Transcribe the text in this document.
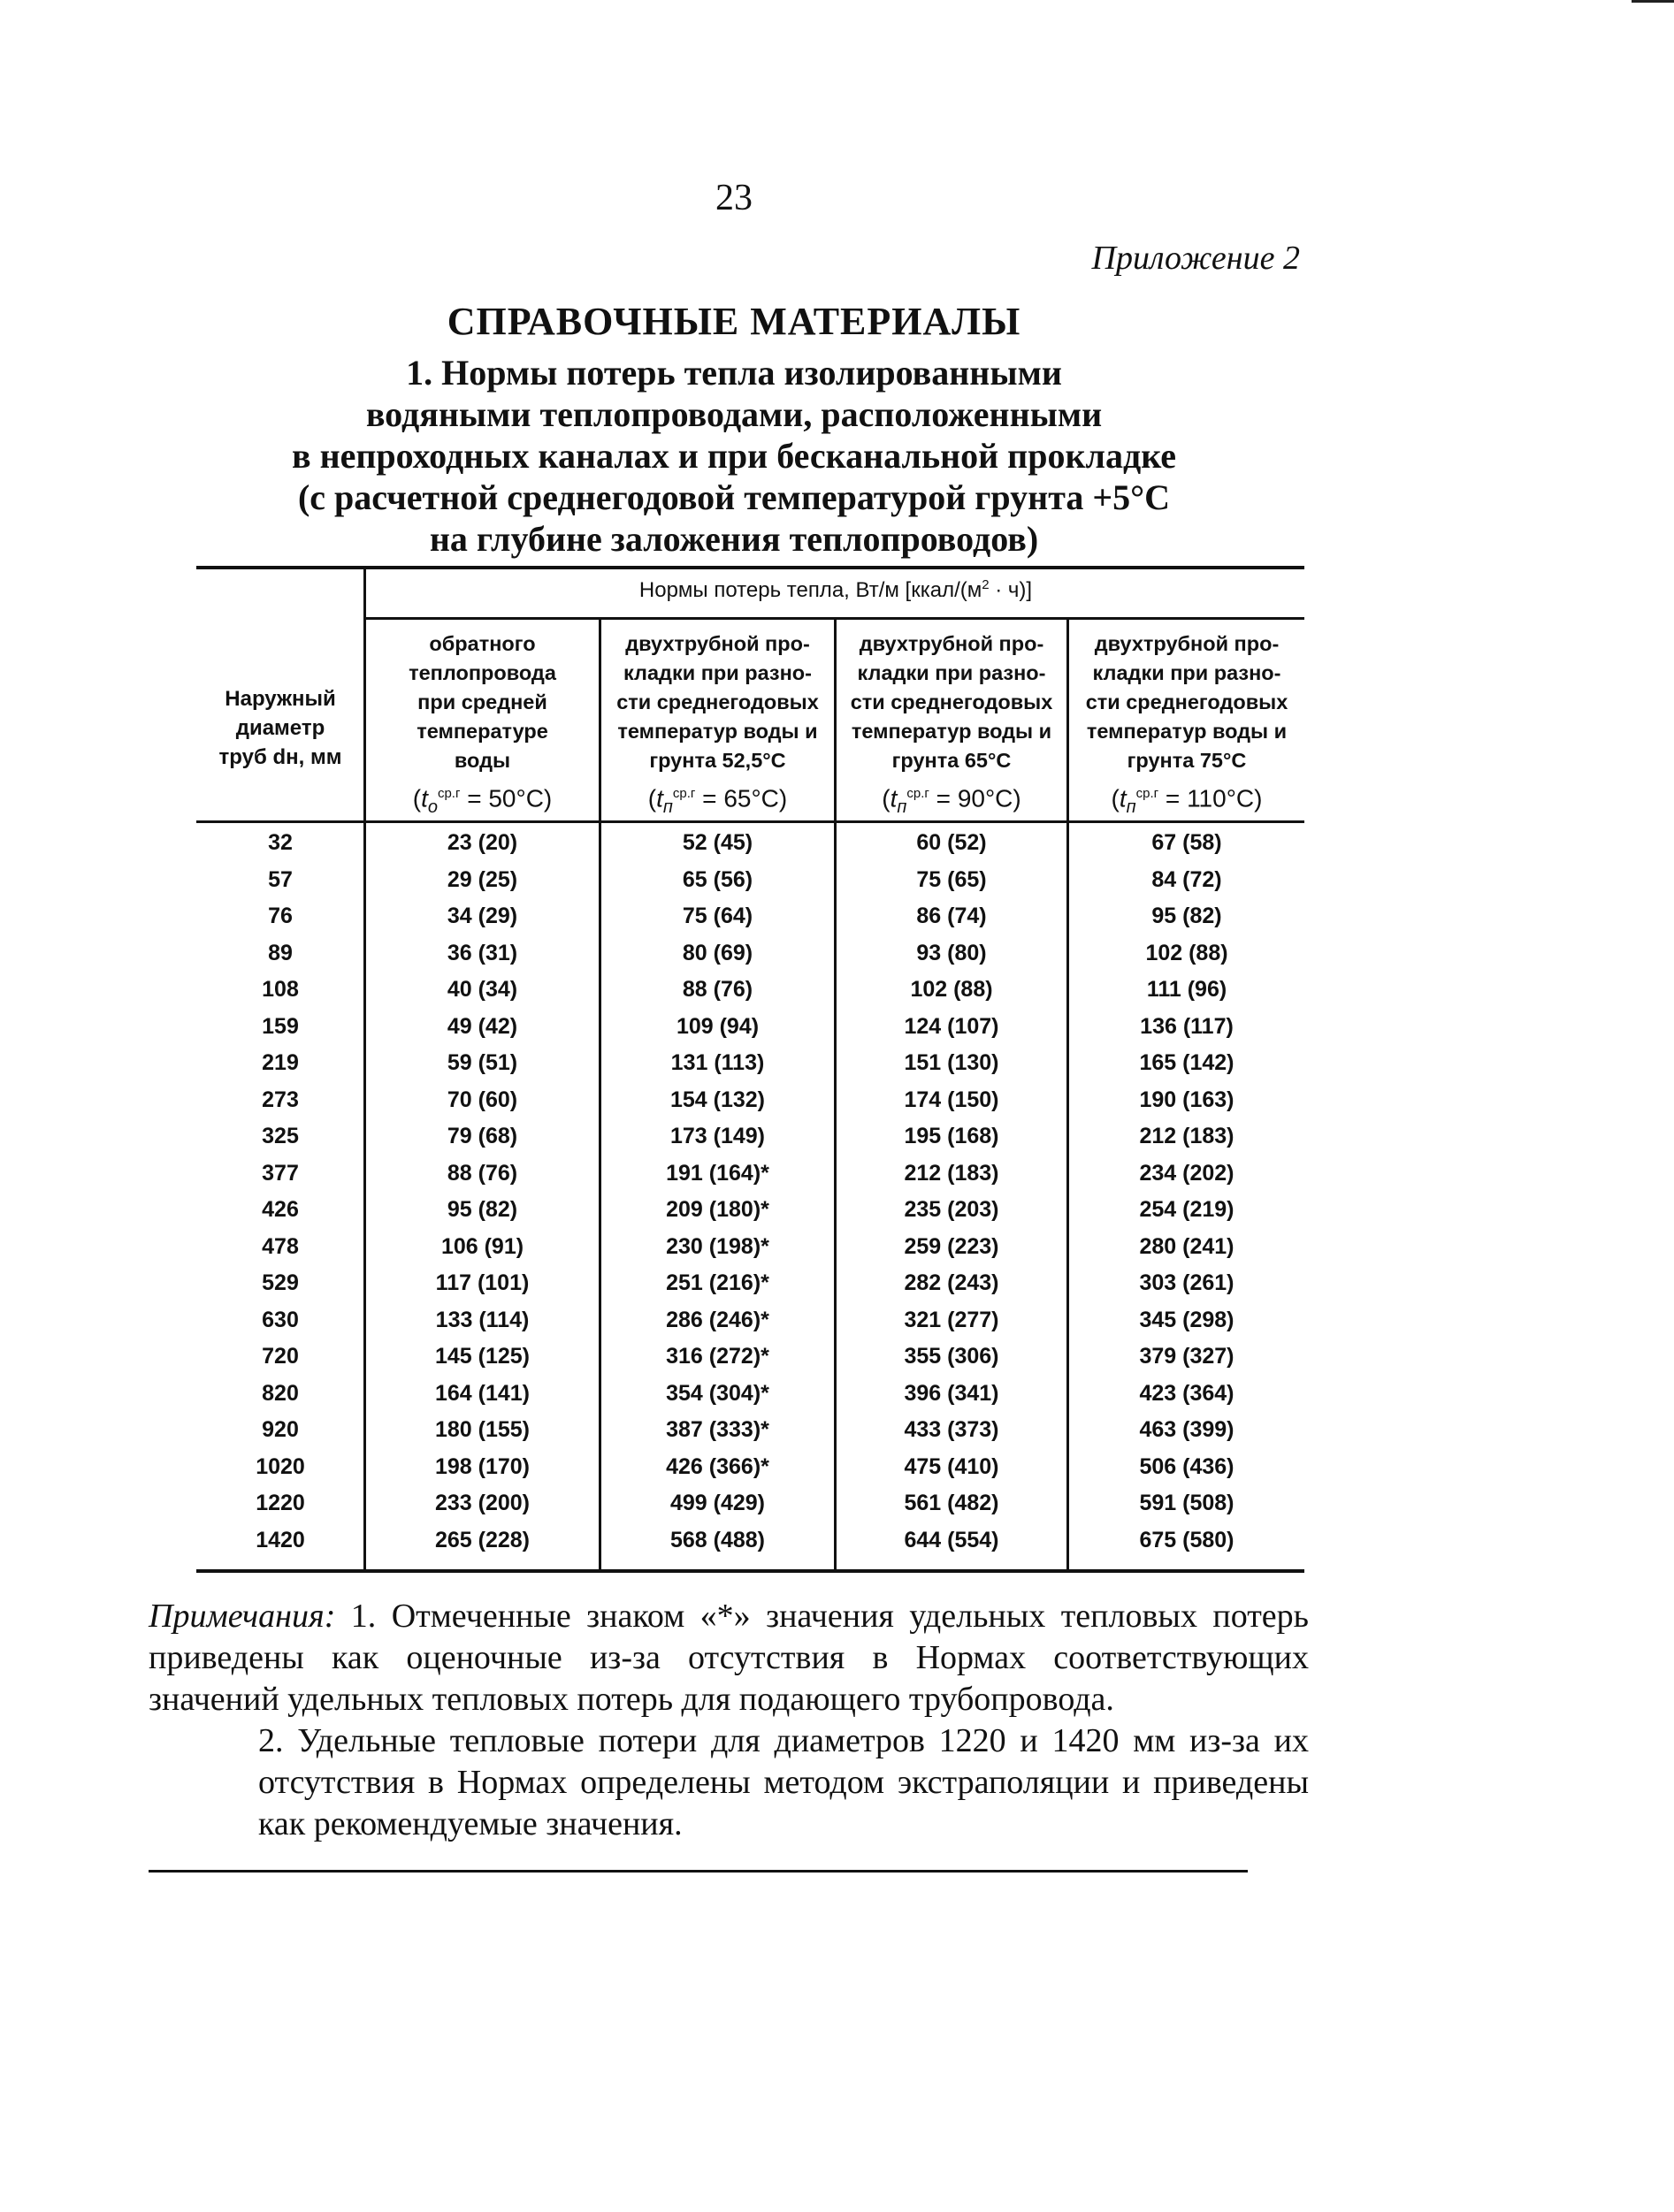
23
Приложение 2
СПРАВОЧНЫЕ МАТЕРИАЛЫ
1. Нормы потерь тепла изолированными
водяными теплопроводами, расположенными
в непроходных каналах и при бесканальной прокладке
(с расчетной среднегодовой температурой грунта +5°С
на глубине заложения теплопроводов)
Нормы потерь тепла, Вт/м $[ккал/(м^2 \cdot ч)]$
Наружный
диаметр
труб dн, мм
обратного
теплопровода
при средней
температуре
воды
$(t_о^{ср.г} = 50^\circ С)$
двухтрубной про-
кладки при разно-
сти среднегодовых
температур воды и
грунта 52,5°С
$(t_п^{ср.г} = 65^\circ С)$
двухтрубной про-
кладки при разно-
сти среднегодовых
температур воды и
грунта 65°С
$(t_п^{ср.г} = 90^\circ С)$
двухтрубной про-
кладки при разно-
сти среднегодовых
температур воды и
грунта 75°С
$(t_п^{ср.г} = 110^\circ С)$
32	23 (20)	52 (45)	60 (52)	67 (58)
57	29 (25)	65 (56)	75 (65)	84 (72)
76	34 (29)	75 (64)	86 (74)	95 (82)
89	36 (31)	80 (69)	93 (80)	102 (88)
108	40 (34)	88 (76)	102 (88)	111 (96)
159	49 (42)	109 (94)	124 (107)	136 (117)
219	59 (51)	131 (113)	151 (130)	165 (142)
273	70 (60)	154 (132)	174 (150)	190 (163)
325	79 (68)	173 (149)	195 (168)	212 (183)
377	88 (76)	191 (164)*	212 (183)	234 (202)
426	95 (82)	209 (180)*	235 (203)	254 (219)
478	106 (91)	230 (198)*	259 (223)	280 (241)
529	117 (101)	251 (216)*	282 (243)	303 (261)
630	133 (114)	286 (246)*	321 (277)	345 (298)
720	145 (125)	316 (272)*	355 (306)	379 (327)
820	164 (141)	354 (304)*	396 (341)	423 (364)
920	180 (155)	387 (333)*	433 (373)	463 (399)
1020	198 (170)	426 (366)*	475 (410)	506 (436)
1220	233 (200)	499 (429)	561 (482)	591 (508)
1420	265 (228)	568 (488)	644 (554)	675 (580)

Примечания: 1. Отмеченные знаком «*» значения удельных тепловых потерь приведены как оценочные из-за отсутствия в Нормах соответствующих значений удельных тепловых потерь для подающего трубопровода.

2. Удельные тепловые потери для диаметров 1220 и 1420 мм из-за их отсутствия в Нормах определены методом экстраполяции и приведены как рекомендуемые значения.
